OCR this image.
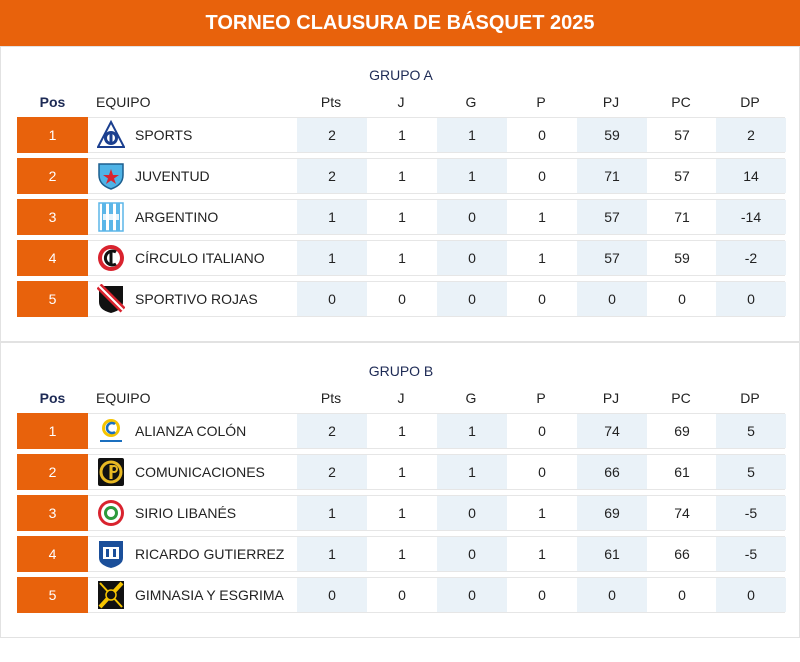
TORNEO CLAUSURA DE BÁSQUET 2025
GRUPO A
Pos	EQUIPO	Pts	J	G	P	PJ	PC	DP
1	SPORTS	2	1	1	0	59	57	2
2	JUVENTUD	2	1	1	0	71	57	14
3	ARGENTINO	1	1	0	1	57	71	-14
4	CÍRCULO ITALIANO	1	1	0	1	57	59	-2
5	SPORTIVO ROJAS	0	0	0	0	0	0	0
GRUPO B
Pos	EQUIPO	Pts	J	G	P	PJ	PC	DP
1	ALIANZA COLÓN	2	1	1	0	74	69	5
2	COMUNICACIONES	2	1	1	0	66	61	5
3	SIRIO LIBANÉS	1	1	0	1	69	74	-5
4	RICARDO GUTIERREZ	1	1	0	1	61	66	-5
5	GIMNASIA Y ESGRIMA	0	0	0	0	0	0	0
